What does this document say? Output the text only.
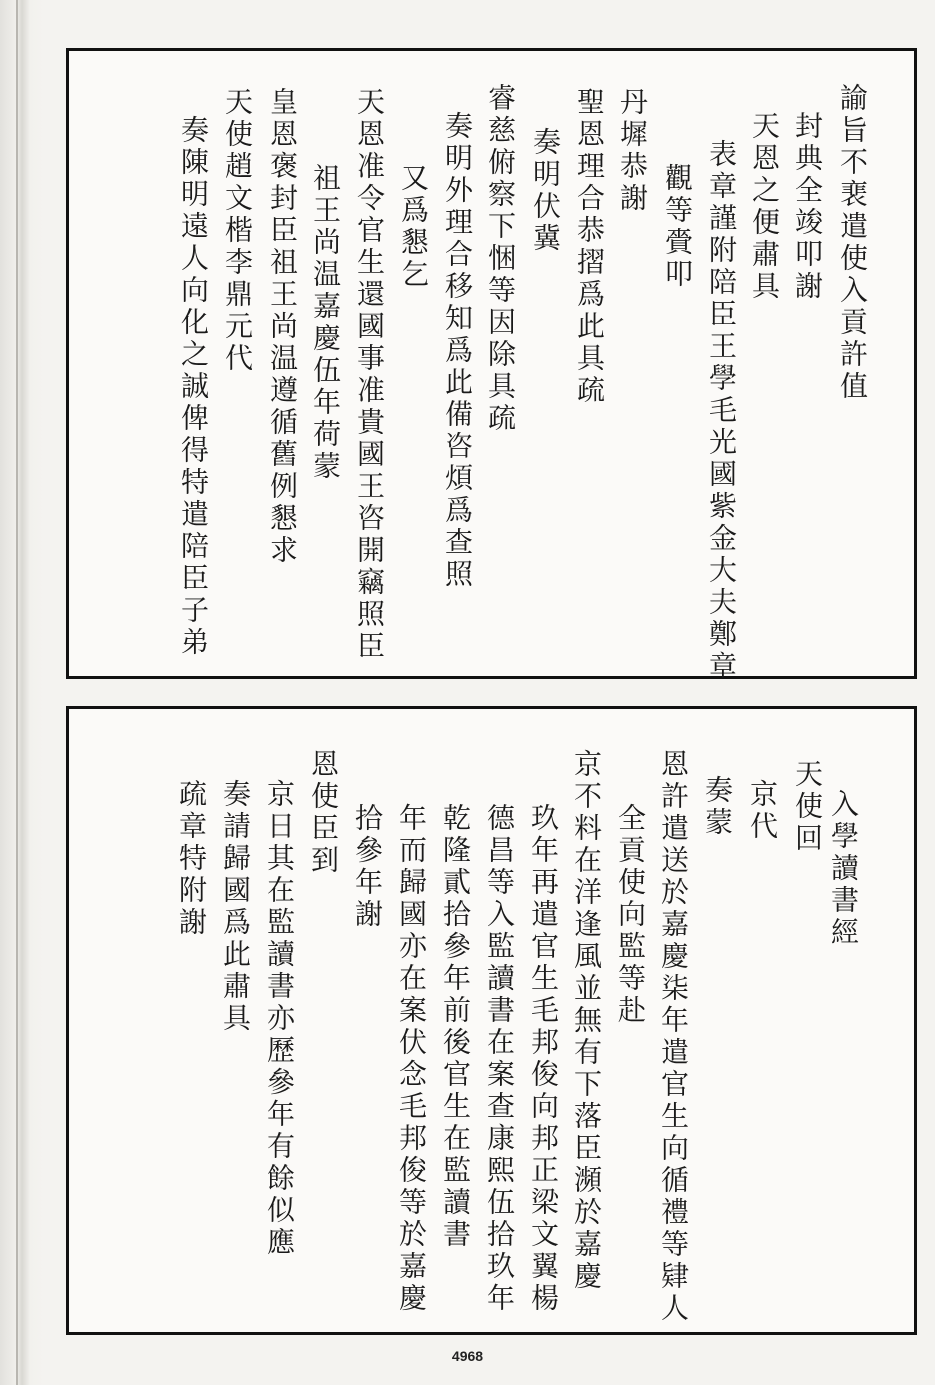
諭旨不裵遣使入貢許值
封典全竣叩謝
天恩之便肅具
表章謹附陪臣王學毛光國紫金大夫鄭章
觀等賫叩
丹墀恭謝
聖恩理合恭摺爲此具疏
奏明伏冀
睿慈俯察下悃等因除具疏
奏明外理合移知爲此備咨煩爲查照
又爲懇乞
天恩准令官生還國事准貴國王咨開竊照臣
祖王尚温嘉慶伍年荷蒙
皇恩褒封臣祖王尚温遵循舊例懇求
天使趙文楷李鼎元代
奏陳明遠人向化之誠俾得特遣陪臣子弟
入學讀書經
天使回
京代
奏蒙
恩許遣送於嘉慶柒年遣官生向循禮等肄人
全貢使向監等赴
京不料在洋逢風並無有下落臣瀕於嘉慶
玖年再遣官生毛邦俊向邦正梁文翼楊
德昌等入監讀書在案查康熙伍拾玖年
乾隆貳拾參年前後官生在監讀書
年而歸國亦在案伏念毛邦俊等於嘉慶
拾參年謝
恩使臣到
京日其在監讀書亦歷參年有餘似應
奏請歸國爲此肅具
疏章特附謝
4968
